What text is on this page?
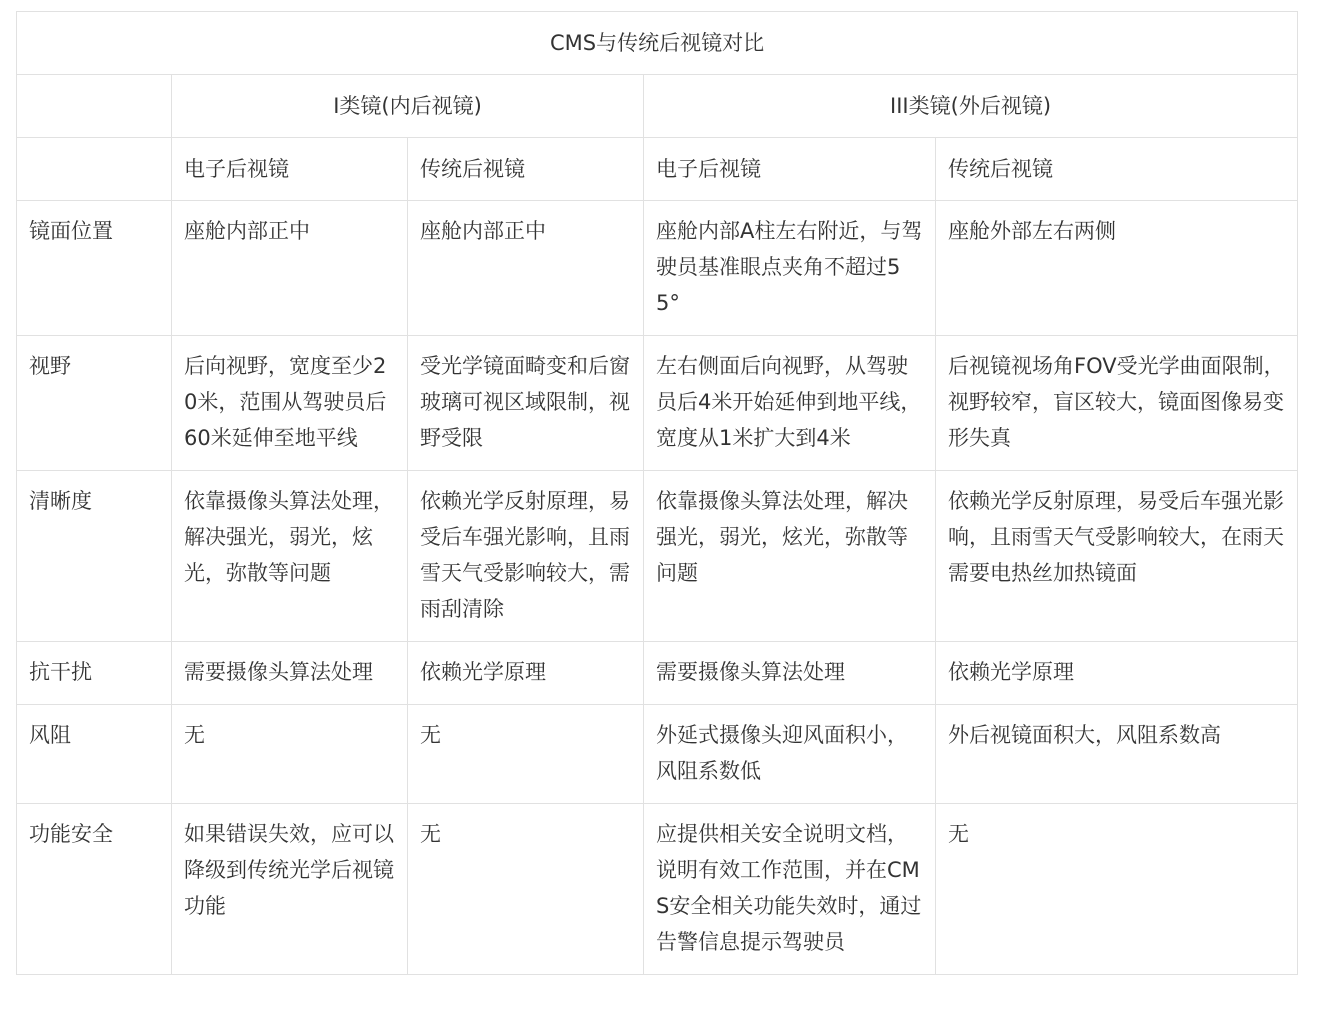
CMS与传统后视镜对比				
	I类镜(内后视镜)		III类镜(外后视镜)	
	电子后视镜	传统后视镜	电子后视镜	传统后视镜
镜面位置	座舱内部正中	座舱内部正中	座舱内部A柱左右附近，与驾驶员基准眼点夹角不超过55°	座舱外部左右两侧
视野	后向视野，宽度至少20米，范围从驾驶员后60米延伸至地平线	受光学镜面畸变和后窗玻璃可视区域限制，视野受限	左右侧面后向视野，从驾驶员后4米开始延伸到地平线，宽度从1米扩大到4米	后视镜视场角FOV受光学曲面限制，视野较窄，盲区较大，镜面图像易变形失真
清晰度	依靠摄像头算法处理，解决强光，弱光，炫光，弥散等问题	依赖光学反射原理，易受后车强光影响，且雨雪天气受影响较大，需雨刮清除	依靠摄像头算法处理，解决强光，弱光，炫光，弥散等问题	依赖光学反射原理，易受后车强光影响，且雨雪天气受影响较大，在雨天需要电热丝加热镜面
抗干扰	需要摄像头算法处理	依赖光学原理	需要摄像头算法处理	依赖光学原理
风阻	无	无	外延式摄像头迎风面积小，风阻系数低	外后视镜面积大，风阻系数高
功能安全	如果错误失效，应可以降级到传统光学后视镜功能	无	应提供相关安全说明文档，说明有效工作范围，并在CMS安全相关功能失效时，通过告警信息提示驾驶员	无
